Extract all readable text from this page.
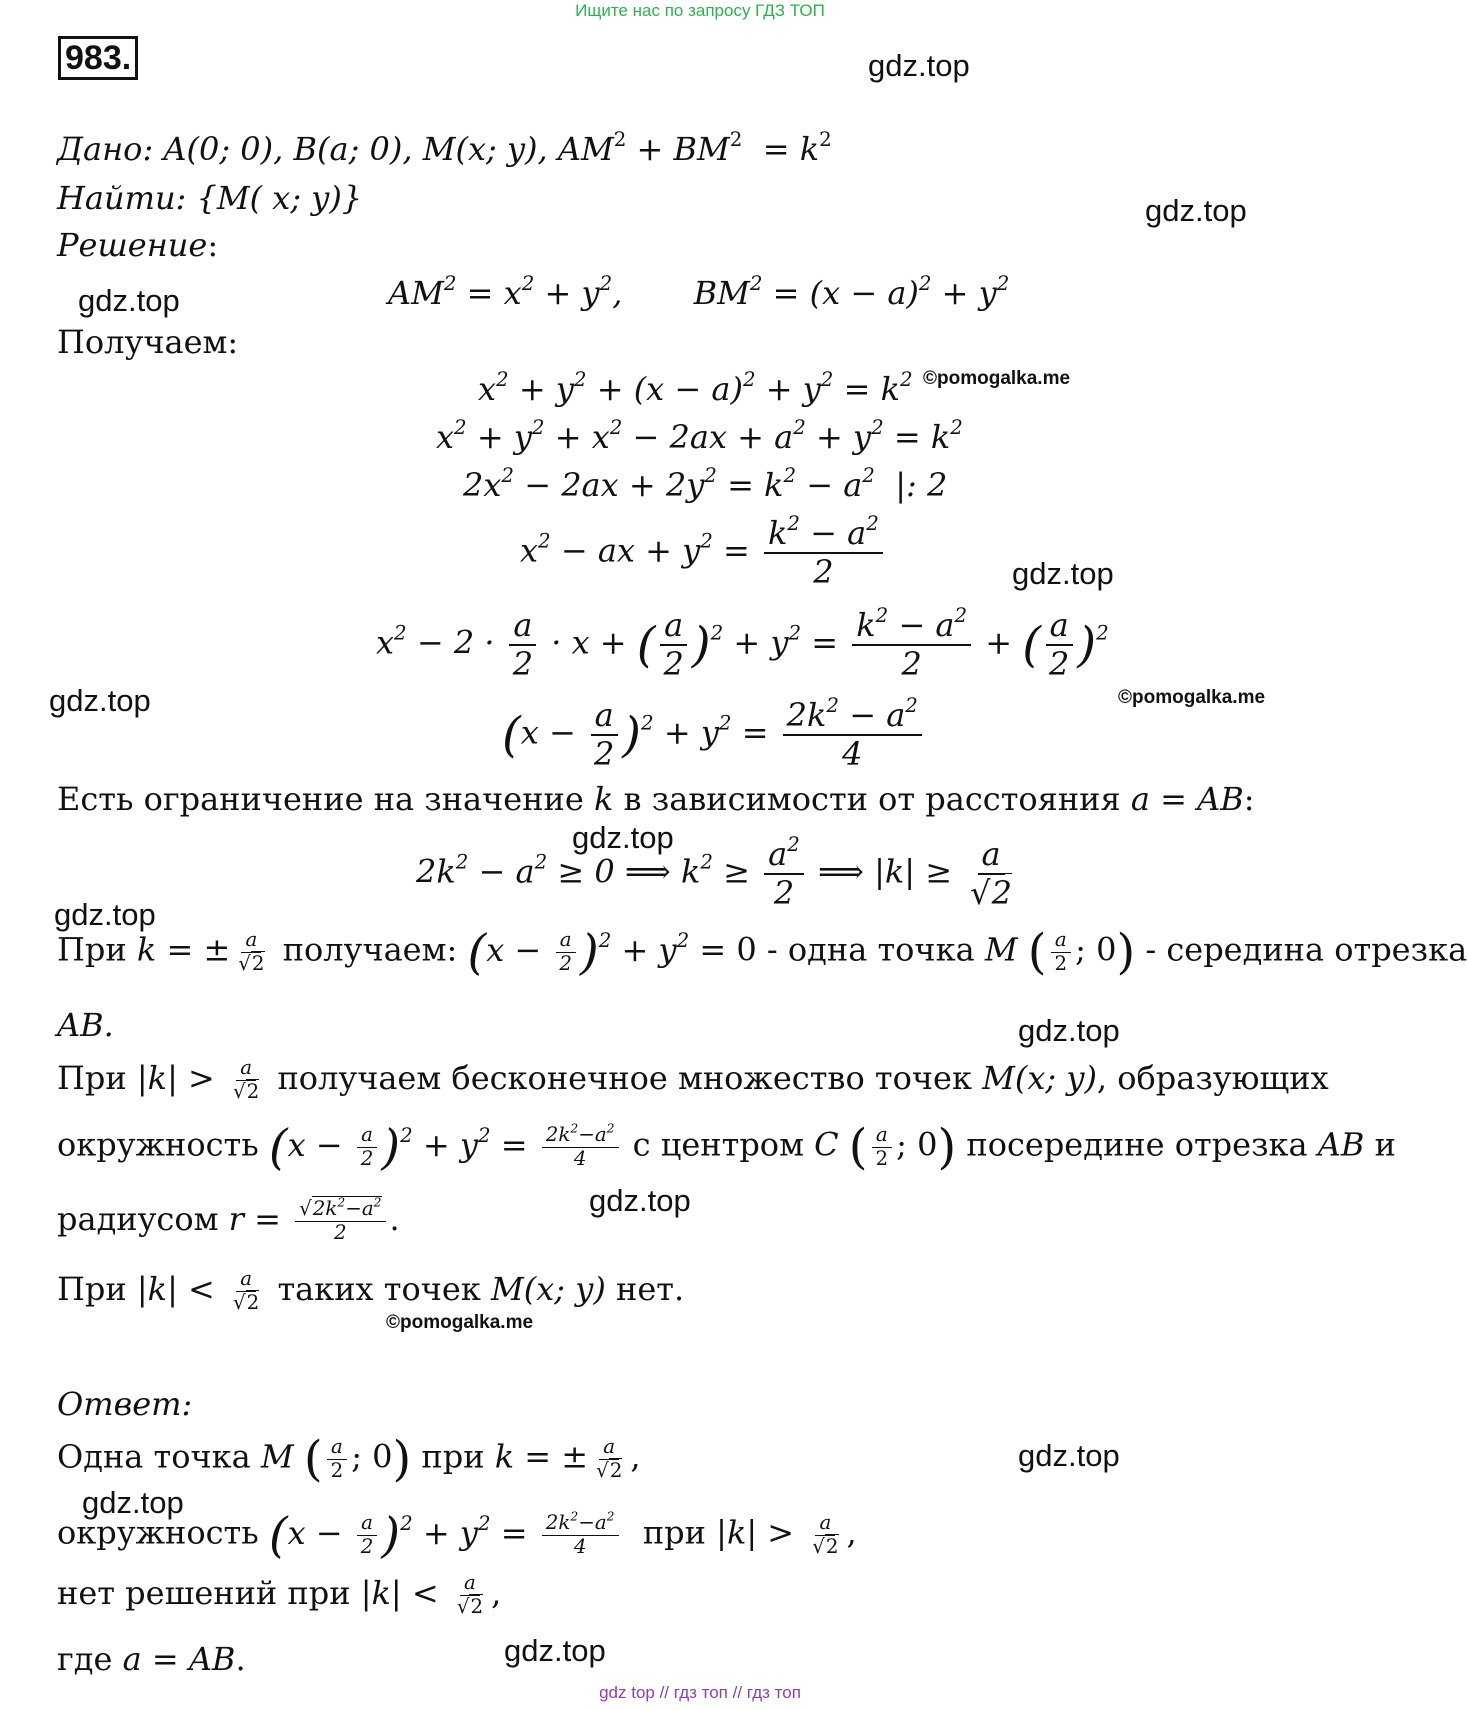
Ищите нас по запросу ГДЗ ТОП
983.	gdz.top
gdz.top
gdz.top
©pomogalka.me
gdz.top
gdz.top	©pomogalka.me
gdz.top
gdz.top
gdz.top
gdz.top
©pomogalka.me
gdz.top
gdz.top
gdz.top
Дано: A(0; 0), B(a; 0), M(x; y), $AM^2 + BM^2 = k^2$
Найти: {M( x; y)}
Решение:
$AM^2 = x^2 + y^2$,       $BM^2 = (x - a)^2 + y^2$
Получаем:
$x^2 + y^2 + (x - a)^2 + y^2 = k^2$
$x^2 + y^2 + x^2 - 2ax + a^2 + y^2 = k^2$
$2x^2 - 2ax + 2y^2 = k^2 - a^2$  |: 2
$x^2$ − ax + $y^2 = \frac{k^2 - a^2}{2}$
$x^2 - 2 \cdot \frac{a}{2} \cdot x$ + ( $\frac{a}{2} )^2 + y^2 = \frac{k^2 - a^2}{2}$ + ( $\frac{a}{2} )^2$
$(x - \frac{a}{2} )^2 + y^2 = \frac{2k^2 - a^2}{4}$
Есть ограничение на значение k в зависимости от расстояния a = AB:
$2k^2 - a^2 \ge 0$ ⟹ $k^2 \ge \frac{a^2}{2}$ ⟹ $|k| \ge \frac{a}{√2}$
При k = ± $\frac{a}{√2}$ получаем: $(x - \frac{a}{2} )^2 + y^2 = 0$ - одна точка M ( $\frac{a}{2}$ ; 0) - середина отрезка
AB.
При $|k| > \frac{a}{√2}$ получаем бесконечное множество точек M(x; y), образующих
окружность $(x - \frac{a}{2} )^2 + y^2 = \frac{2k^2-a^2}{4}$ с центром C ( $\frac{a}{2}$ ; 0) посередине отрезка AB и
радиусом $r = \frac{√2k^2-a^2}{2}$ .
При $|k| < \frac{a}{√2}$ таких точек M(x; y) нет.
Ответ:
Одна точка M ( $\frac{a}{2}$ ; 0) при k = ± $\frac{a}{√2}$ ,
окружность $(x - \frac{a}{2} )^2 + y^2 = \frac{2k^2-a^2}{4}$ при $|k| > \frac{a}{√2}$ ,
нет решений при $|k| < \frac{a}{√2}$ ,
где a = AB.
gdz top // гдз топ // гдз топ
